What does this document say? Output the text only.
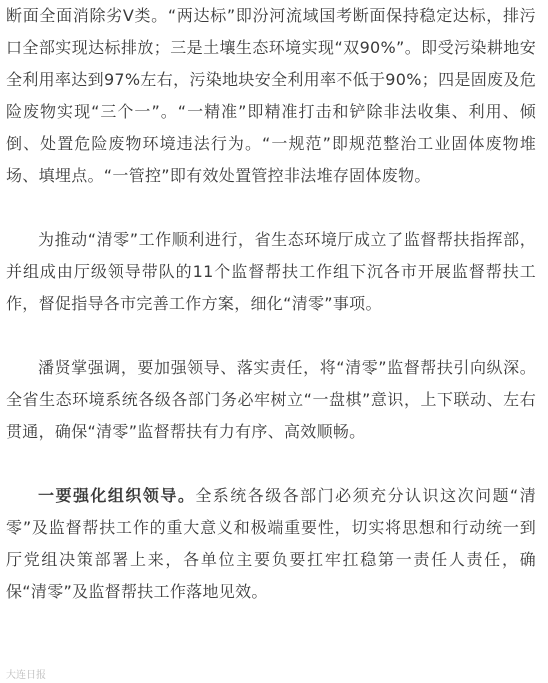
断面全面消除劣Ⅴ类。“两达标”即汾河流域国考断面保持稳定达标，排污口全部实现达标排放；三是土壤生态环境实现“双90%”。即受污染耕地安全利用率达到97%左右，污染地块安全利用率不低于90%；四是固废及危险废物实现“三个一”。“一精准”即精准打击和铲除非法收集、利用、倾倒、处置危险废物环境违法行为。“一规范”即规范整治工业固体废物堆场、填埋点。“一管控”即有效处置管控非法堆存固体废物。

为推动“清零”工作顺利进行，省生态环境厅成立了监督帮扶指挥部，并组成由厅级领导带队的11个监督帮扶工作组下沉各市开展监督帮扶工作，督促指导各市完善工作方案，细化“清零”事项。

潘贤掌强调，要加强领导、落实责任，将“清零”监督帮扶引向纵深。全省生态环境系统各级各部门务必牢树立“一盘棋”意识，上下联动、左右贯通，确保“清零”监督帮扶有力有序、高效顺畅。

一要强化组织领导。全系统各级各部门必须充分认识这次问题“清零”及监督帮扶工作的重大意义和极端重要性，切实将思想和行动统一到厅党组决策部署上来，各单位主要负要扛牢扛稳第一责任人责任，确保“清零”及监督帮扶工作落地见效。

大连日报
